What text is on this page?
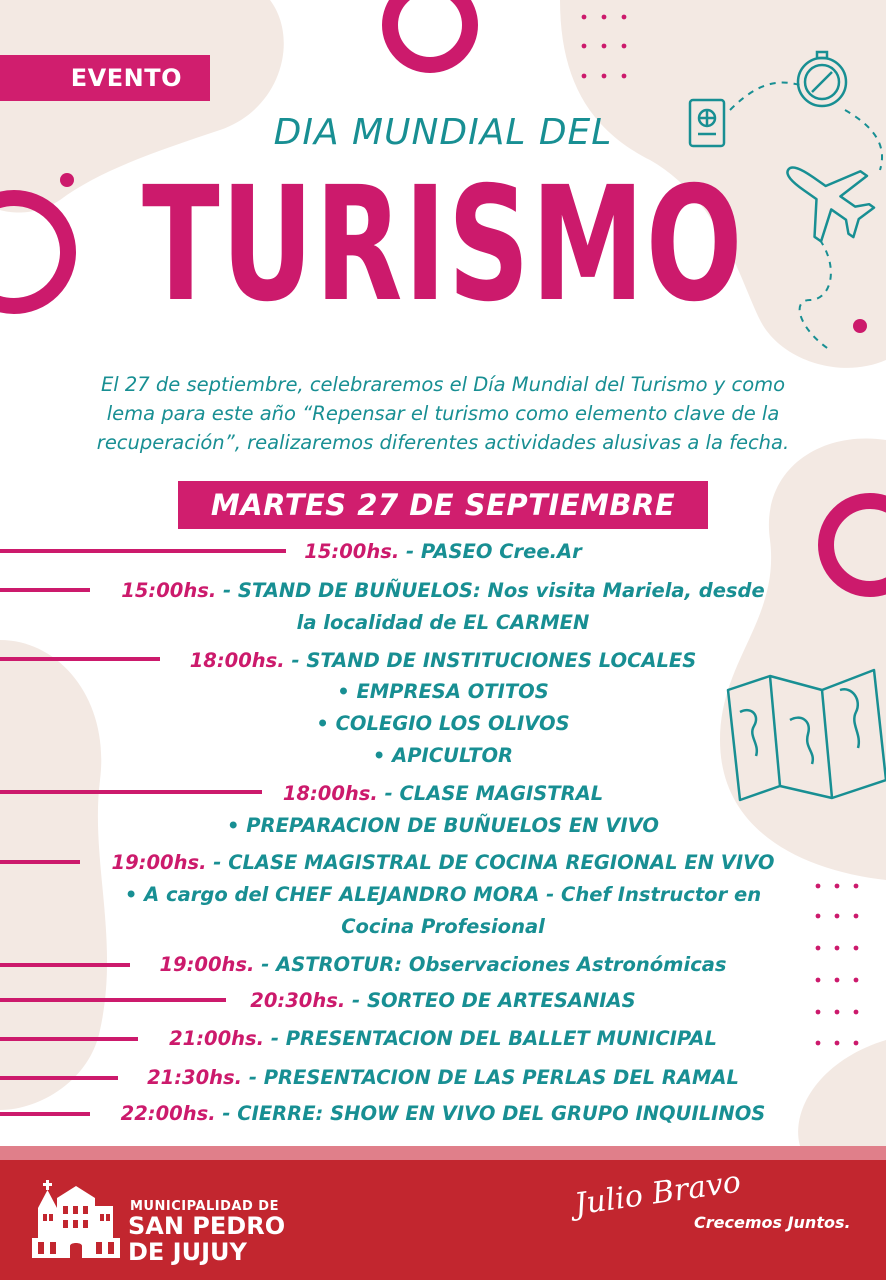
EVENTO
DIA MUNDIAL DEL
TURISMO
El 27 de septiembre, celebraremos el Día Mundial del Turismo y como
lema para este año “Repensar el turismo como elemento clave de la
recuperación”, realizaremos diferentes actividades alusivas a la fecha.
MARTES 27 DE SEPTIEMBRE
15:00hs. - PASEO Cree.Ar
15:00hs. - STAND DE BUÑUELOS: Nos visita Mariela, desde
la localidad de EL CARMEN
18:00hs. - STAND DE INSTITUCIONES LOCALES
• EMPRESA OTITOS
• COLEGIO LOS OLIVOS
• APICULTOR
18:00hs. - CLASE MAGISTRAL
• PREPARACION DE BUÑUELOS EN VIVO
19:00hs. - CLASE MAGISTRAL DE COCINA REGIONAL EN VIVO
• A cargo del CHEF ALEJANDRO MORA - Chef Instructor en
Cocina Profesional
19:00hs. - ASTROTUR: Observaciones Astronómicas
20:30hs. - SORTEO DE ARTESANIAS
21:00hs. - PRESENTACION DEL BALLET MUNICIPAL
21:30hs. - PRESENTACION DE LAS PERLAS DEL RAMAL
22:00hs. - CIERRE: SHOW EN VIVO DEL GRUPO INQUILINOS
MUNICIPALIDAD DE
SAN PEDRO
DE JUJUY
Julio Bravo
Crecemos Juntos.
